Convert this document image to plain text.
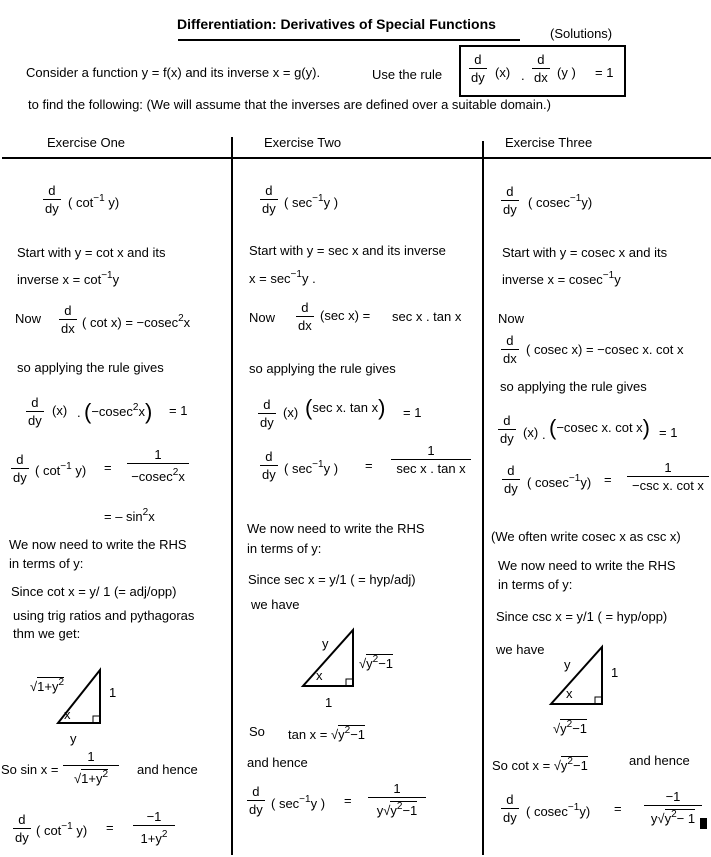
Differentiation: Derivatives of Special Functions
(Solutions)
Consider a function y = f(x) and its inverse x = g(y).	Use the rule $\frac{d}{dy} (x)$ . $\frac{d}{dx} (y$ ) = 1
to find the following: (We will assume that the inverses are defined over a suitable domain.)
Exercise One	Exercise Two	Exercise Three
$\frac{d}{dy}$ ( $\cot^{-1} y$)
Start with y = cot x and its
inverse $x = \cot^{-1}y$
Now $\frac{d}{dx}$ ( cot x) = −cosec$^2$x
so applying the rule gives
$\frac{d}{dy} (x)$ . (−cosec$^2$x) = 1
$\frac{d}{dy}$ ( $\cot^{-1} y) = \frac{1}{-cosec^2x}$
= – $\sin^2x$
We now need to write the RHS
in terms of y:
Since cot x = y/ 1 (= adj/opp)
using trig ratios and pythagoras
thm we get:
$√1+y^2$
1
x
y
So $\sin x = \frac{1}{√1+y^2}$ and hence
$\frac{d}{dy}$ ( $\cot^{-1} y) = \frac{-1}{1+y^2}$
$\frac{d}{dy}$ ( $\sec^{-1}y$ )
Start with y = sec x and its inverse
$x = \sec^{-1}y$ .
Now $\frac{d}{dx} (\sec$ x) = sec x . tan x
so applying the rule gives
$\frac{d}{dy} (x)$ (sec x. tan x) = 1
$\frac{d}{dy}$ ( $\sec^{-1}y$ ) =
1
sec x . tan x
We now need to write the RHS
in terms of y:
Since sec x = y/1 ( = hyp/adj)
we have
y
$√y^2-1$
x
1
So $\tan x = √y^2-1$
and hence
$\frac{d}{dy}$ ( $\sec^{-1}y$ ) = $\frac{1}{y√y^2-1}$
$\frac{d}{dy}$ ( cosec$^{-1}$y)
Start with y = cosec x and its
inverse x = cosec$^{-1}$y
Now
$\frac{d}{dx}$ ( cosec x) = −cosec x. cot x
so applying the rule gives
$\frac{d}{dy} (x)$ . (−cosec x. cot x) = 1
$\frac{d}{dy}$ ( cosec$^{-1}$y) =
1
−csc x. cot x
(We often write cosec x as csc x)
We now need to write the RHS
in terms of y:
Since csc x = y/1 ( = hyp/opp)
we have
y
1
x
$√y^2-1$
So $\cot x = √y^2-1$	and hence
$\frac{d}{dy}$ ( $cosec^{-1}y) = \frac{-1}{y√y^2- 1}$
